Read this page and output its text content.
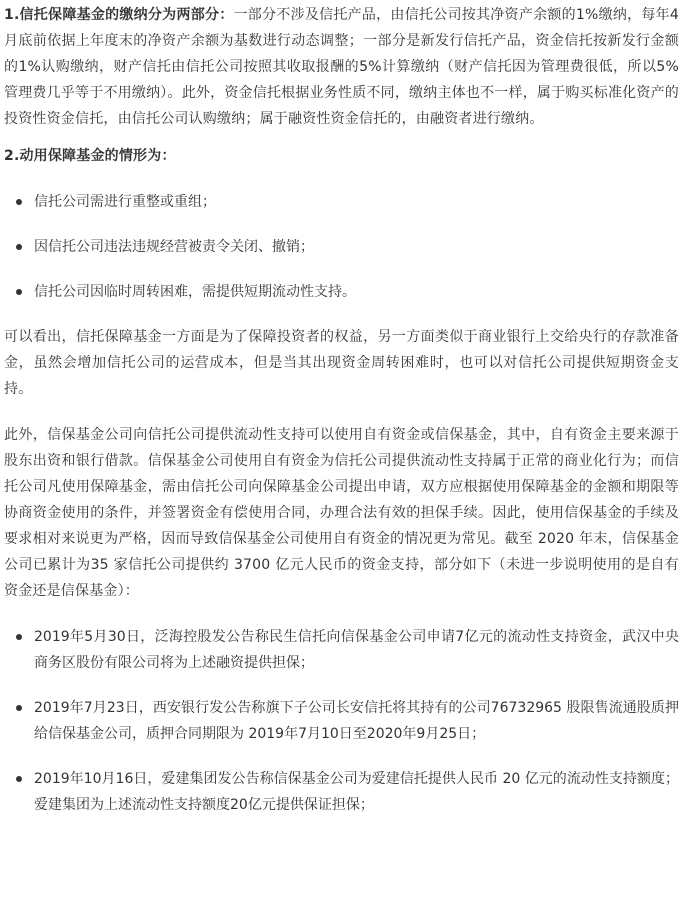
1.信托保障基金的缴纳分为两部分：一部分不涉及信托产品，由信托公司按其净资产余额的1%缴纳，每年4月底前依据上年度末的净资产余额为基数进行动态调整；一部分是新发行信托产品，资金信托按新发行金额的1%认购缴纳，财产信托由信托公司按照其收取报酬的5%计算缴纳（财产信托因为管理费很低，所以5%管理费几乎等于不用缴纳）。此外，资金信托根据业务性质不同，缴纳主体也不一样，属于购买标准化资产的投资性资金信托，由信托公司认购缴纳；属于融资性资金信托的，由融资者进行缴纳。

2.动用保障基金的情形为：

信托公司需进行重整或重组；
因信托公司违法违规经营被责令关闭、撤销；
信托公司因临时周转困难，需提供短期流动性支持。

可以看出，信托保障基金一方面是为了保障投资者的权益，另一方面类似于商业银行上交给央行的存款准备金，虽然会增加信托公司的运营成本，但是当其出现资金周转困难时，也可以对信托公司提供短期资金支持。

此外，信保基金公司向信托公司提供流动性支持可以使用自有资金或信保基金，其中，自有资金主要来源于股东出资和银行借款。信保基金公司使用自有资金为信托公司提供流动性支持属于正常的商业化行为；而信托公司凡使用保障基金，需由信托公司向保障基金公司提出申请，双方应根据使用保障基金的金额和期限等协商资金使用的条件，并签署资金有偿使用合同，办理合法有效的担保手续。因此，使用信保基金的手续及要求相对来说更为严格，因而导致信保基金公司使用自有资金的情况更为常见。截至 2020 年末，信保基金公司已累计为35 家信托公司提供约 3700 亿元人民币的资金支持，部分如下（未进一步说明使用的是自有资金还是信保基金）：

2019年5月30日，泛海控股发公告称民生信托向信保基金公司申请7亿元的流动性支持资金，武汉中央商务区股份有限公司将为上述融资提供担保；
2019年7月23日，西安银行发公告称旗下子公司长安信托将其持有的公司76732965 股限售流通股质押给信保基金公司，质押合同期限为 2019年7月10日至2020年9月25日；
2019年10月16日，爱建集团发公告称信保基金公司为爱建信托提供人民币 20 亿元的流动性支持额度；爱建集团为上述流动性支持额度20亿元提供保证担保；
